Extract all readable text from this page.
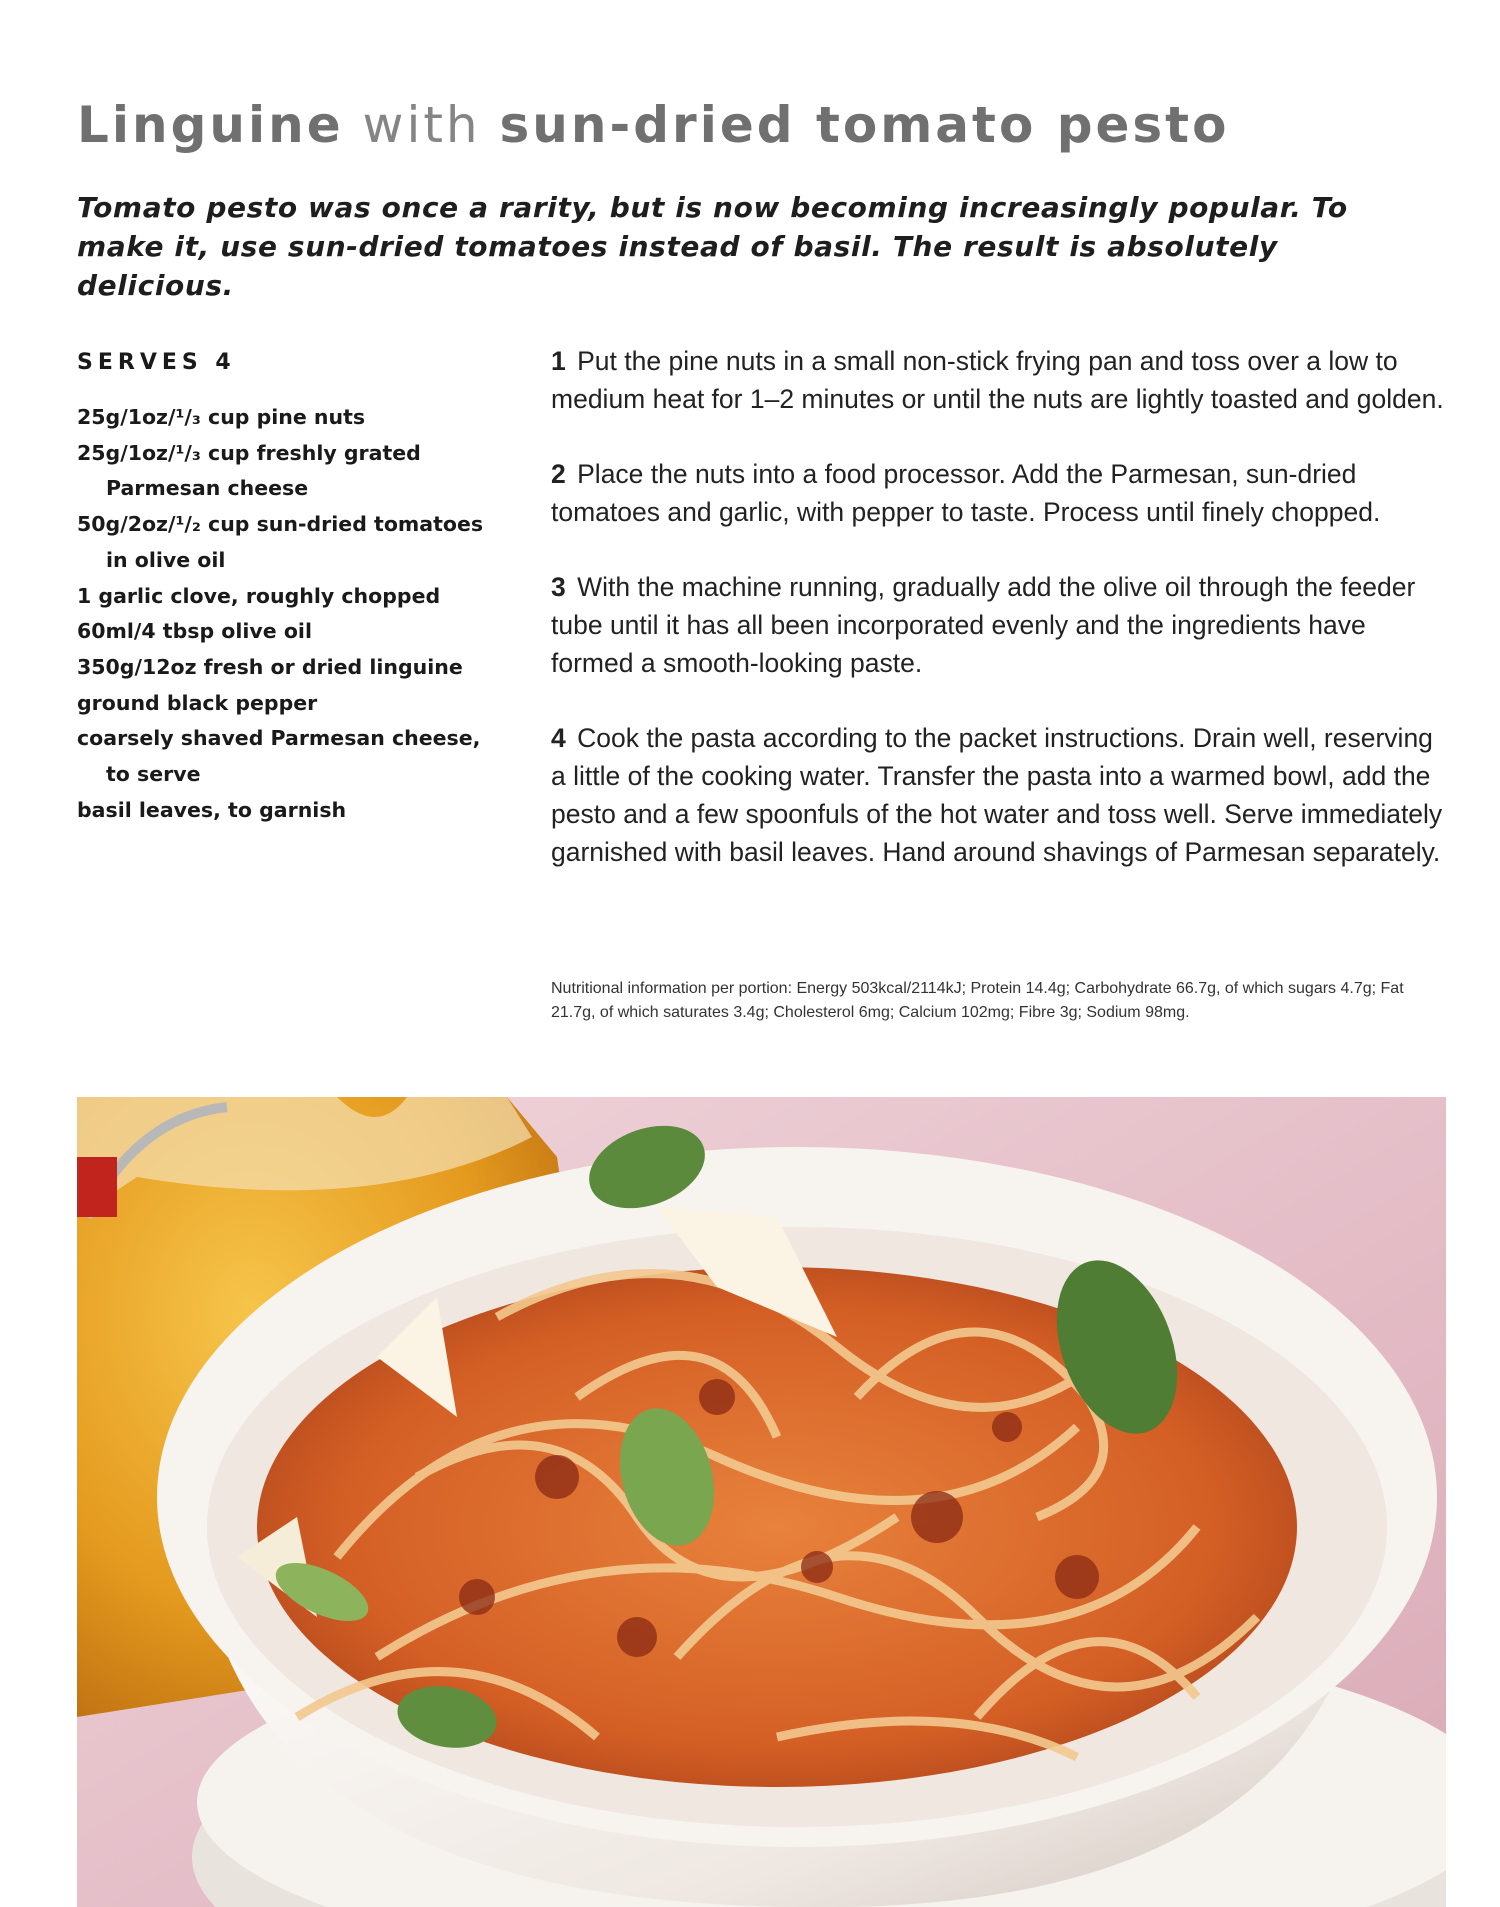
Linguine with sun-dried tomato pesto

Tomato pesto was once a rarity, but is now becoming increasingly popular. To make it, use sun-dried tomatoes instead of basil. The result is absolutely delicious.

SERVES 4
25g/1oz/¹/₃ cup pine nuts
25g/1oz/¹/₃ cup freshly grated
Parmesan cheese
50g/2oz/¹/₂ cup sun-dried tomatoes
in olive oil
1 garlic clove, roughly chopped
60ml/4 tbsp olive oil
350g/12oz fresh or dried linguine
ground black pepper
coarsely shaved Parmesan cheese,
to serve
basil leaves, to garnish

1 Put the pine nuts in a small non-stick frying pan and toss over a low to medium heat for 1–2 minutes or until the nuts are lightly toasted and golden.

2 Place the nuts into a food processor. Add the Parmesan, sun-dried tomatoes and garlic, with pepper to taste. Process until finely chopped.

3 With the machine running, gradually add the olive oil through the feeder tube until it has all been incorporated evenly and the ingredients have formed a smooth-looking paste.

4 Cook the pasta according to the packet instructions. Drain well, reserving a little of the cooking water. Transfer the pasta into a warmed bowl, add the pesto and a few spoonfuls of the hot water and toss well. Serve immediately garnished with basil leaves. Hand around shavings of Parmesan separately.

Nutritional information per portion: Energy 503kcal/2114kJ; Protein 14.4g; Carbohydrate 66.7g, of which sugars 4.7g; Fat 21.7g, of which saturates 3.4g; Cholesterol 6mg; Calcium 102mg; Fibre 3g; Sodium 98mg.
